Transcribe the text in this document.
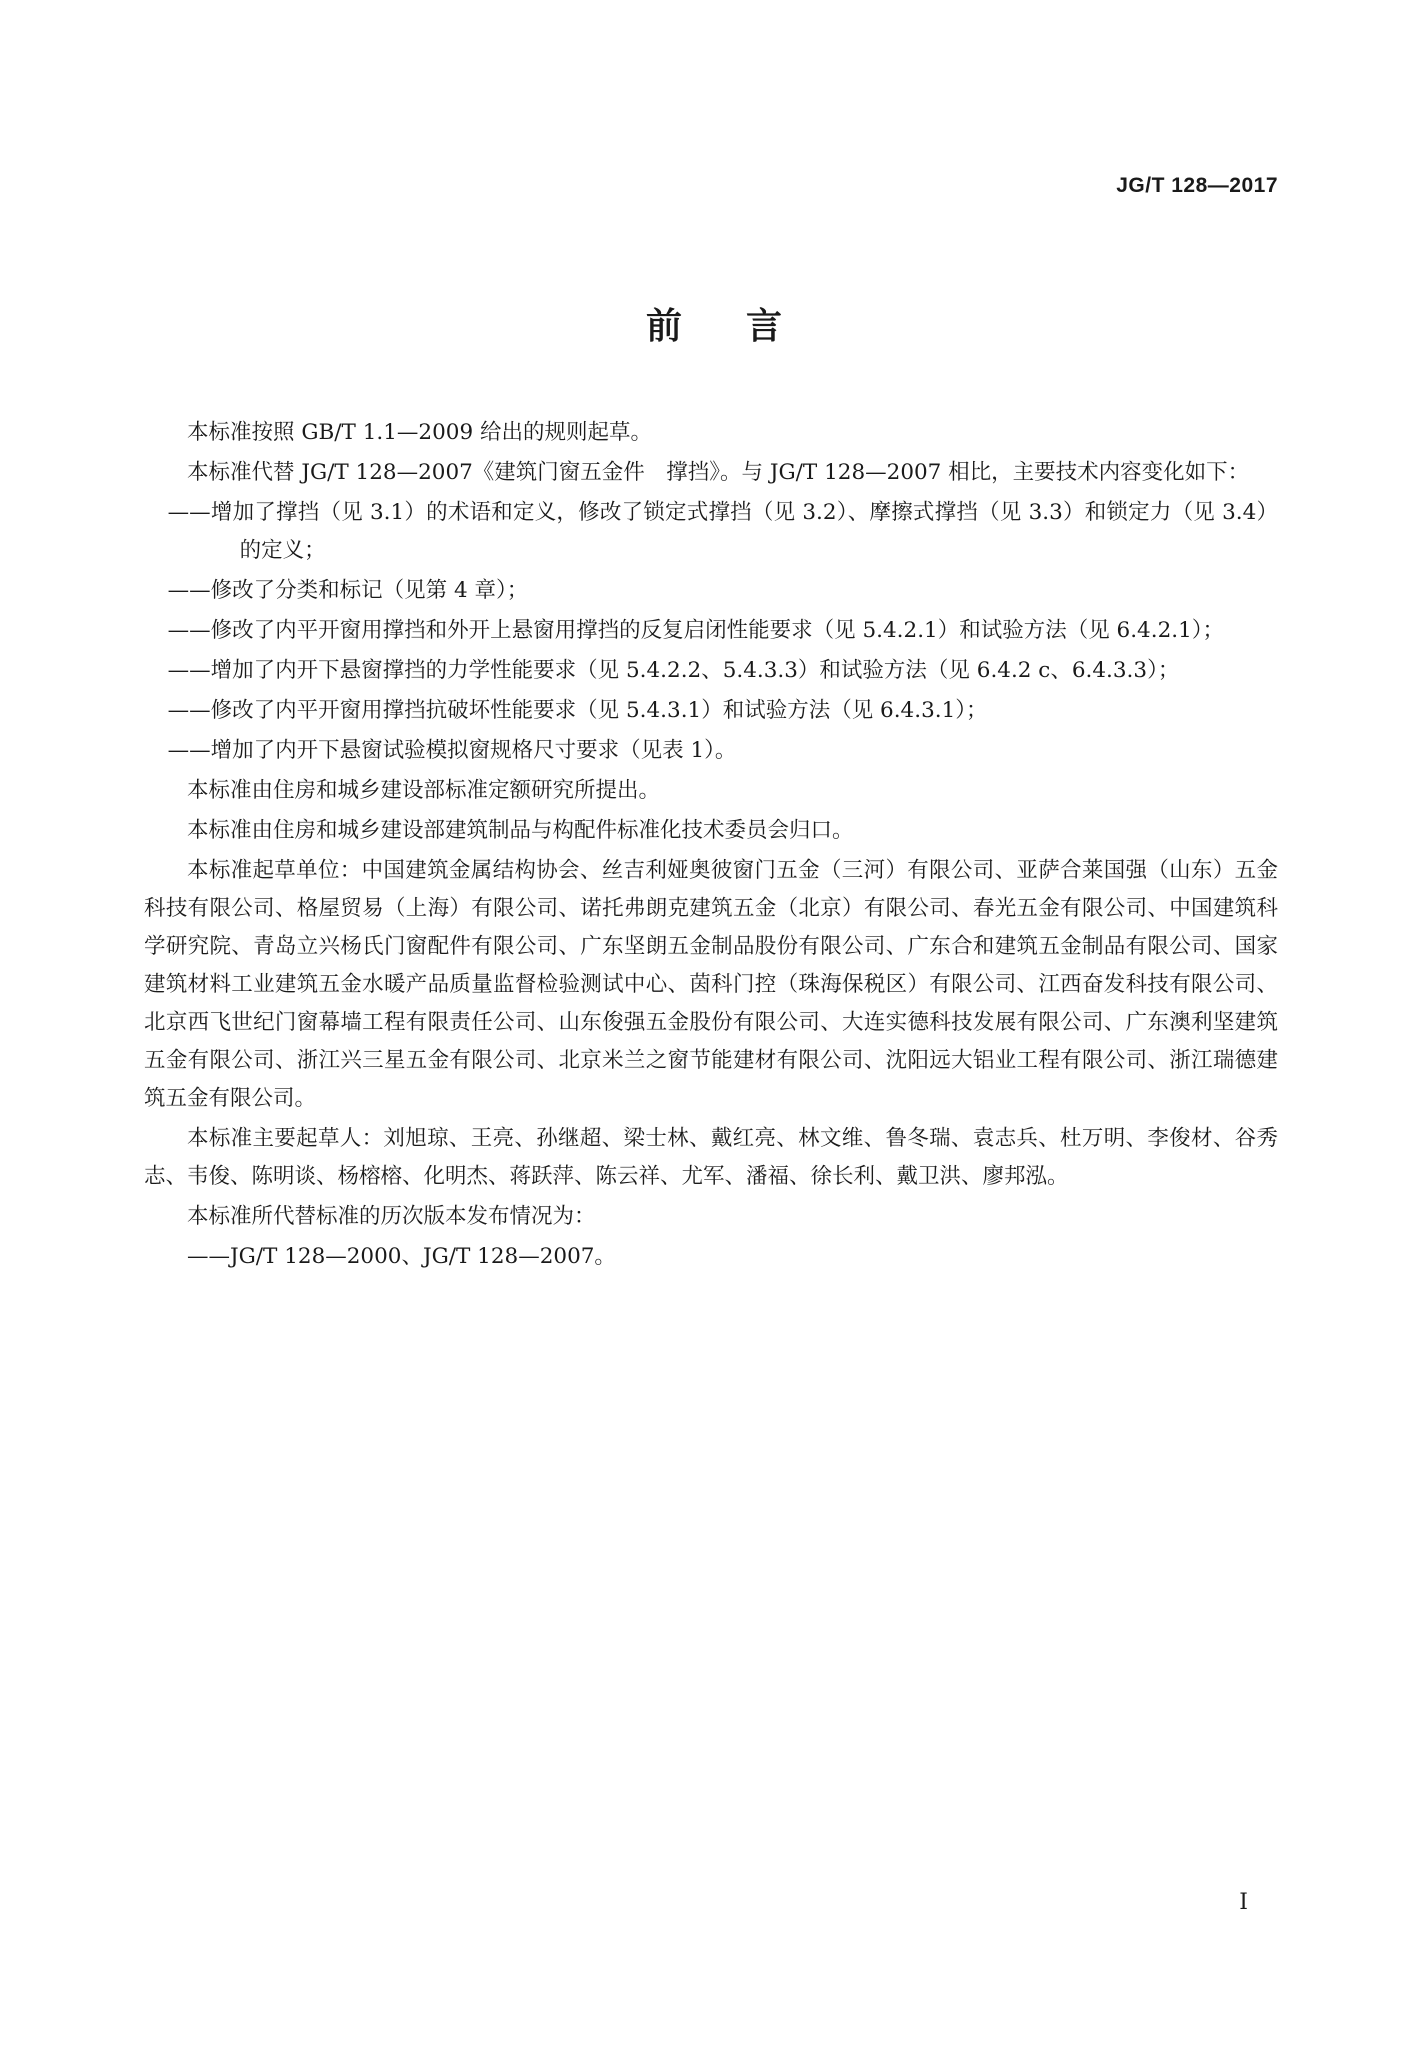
JG/T 128—2017
前言

本标准按照 GB/T 1.1—2009 给出的规则起草。

本标准代替 JG/T 128—2007《建筑门窗五金件　撑挡》。与 JG/T 128—2007 相比，主要技术内容变化如下：

——增加了撑挡（见 3.1）的术语和定义，修改了锁定式撑挡（见 3.2）、摩擦式撑挡（见 3.3）和锁定力（见 3.4）的定义；

——修改了分类和标记（见第 4 章）；

——修改了内平开窗用撑挡和外开上悬窗用撑挡的反复启闭性能要求（见 5.4.2.1）和试验方法（见 6.4.2.1）；

——增加了内开下悬窗撑挡的力学性能要求（见 5.4.2.2、5.4.3.3）和试验方法（见 6.4.2 c、6.4.3.3）；

——修改了内平开窗用撑挡抗破坏性能要求（见 5.4.3.1）和试验方法（见 6.4.3.1）；

——增加了内开下悬窗试验模拟窗规格尺寸要求（见表 1）。

本标准由住房和城乡建设部标准定额研究所提出。

本标准由住房和城乡建设部建筑制品与构配件标准化技术委员会归口。

本标准起草单位：中国建筑金属结构协会、丝吉利娅奥彼窗门五金（三河）有限公司、亚萨合莱国强（山东）五金科技有限公司、格屋贸易（上海）有限公司、诺托弗朗克建筑五金（北京）有限公司、春光五金有限公司、中国建筑科学研究院、青岛立兴杨氏门窗配件有限公司、广东坚朗五金制品股份有限公司、广东合和建筑五金制品有限公司、国家建筑材料工业建筑五金水暖产品质量监督检验测试中心、茵科门控（珠海保税区）有限公司、江西奋发科技有限公司、北京西飞世纪门窗幕墙工程有限责任公司、山东俊强五金股份有限公司、大连实德科技发展有限公司、广东澳利坚建筑五金有限公司、浙江兴三星五金有限公司、北京米兰之窗节能建材有限公司、沈阳远大铝业工程有限公司、浙江瑞德建筑五金有限公司。

本标准主要起草人：刘旭琼、王亮、孙继超、梁士林、戴红亮、林文维、鲁冬瑞、袁志兵、杜万明、李俊材、谷秀志、韦俊、陈明谈、杨榕榕、化明杰、蒋跃萍、陈云祥、尤军、潘福、徐长利、戴卫洪、廖邦泓。

本标准所代替标准的历次版本发布情况为：

——JG/T 128—2000、JG/T 128—2007。

I
